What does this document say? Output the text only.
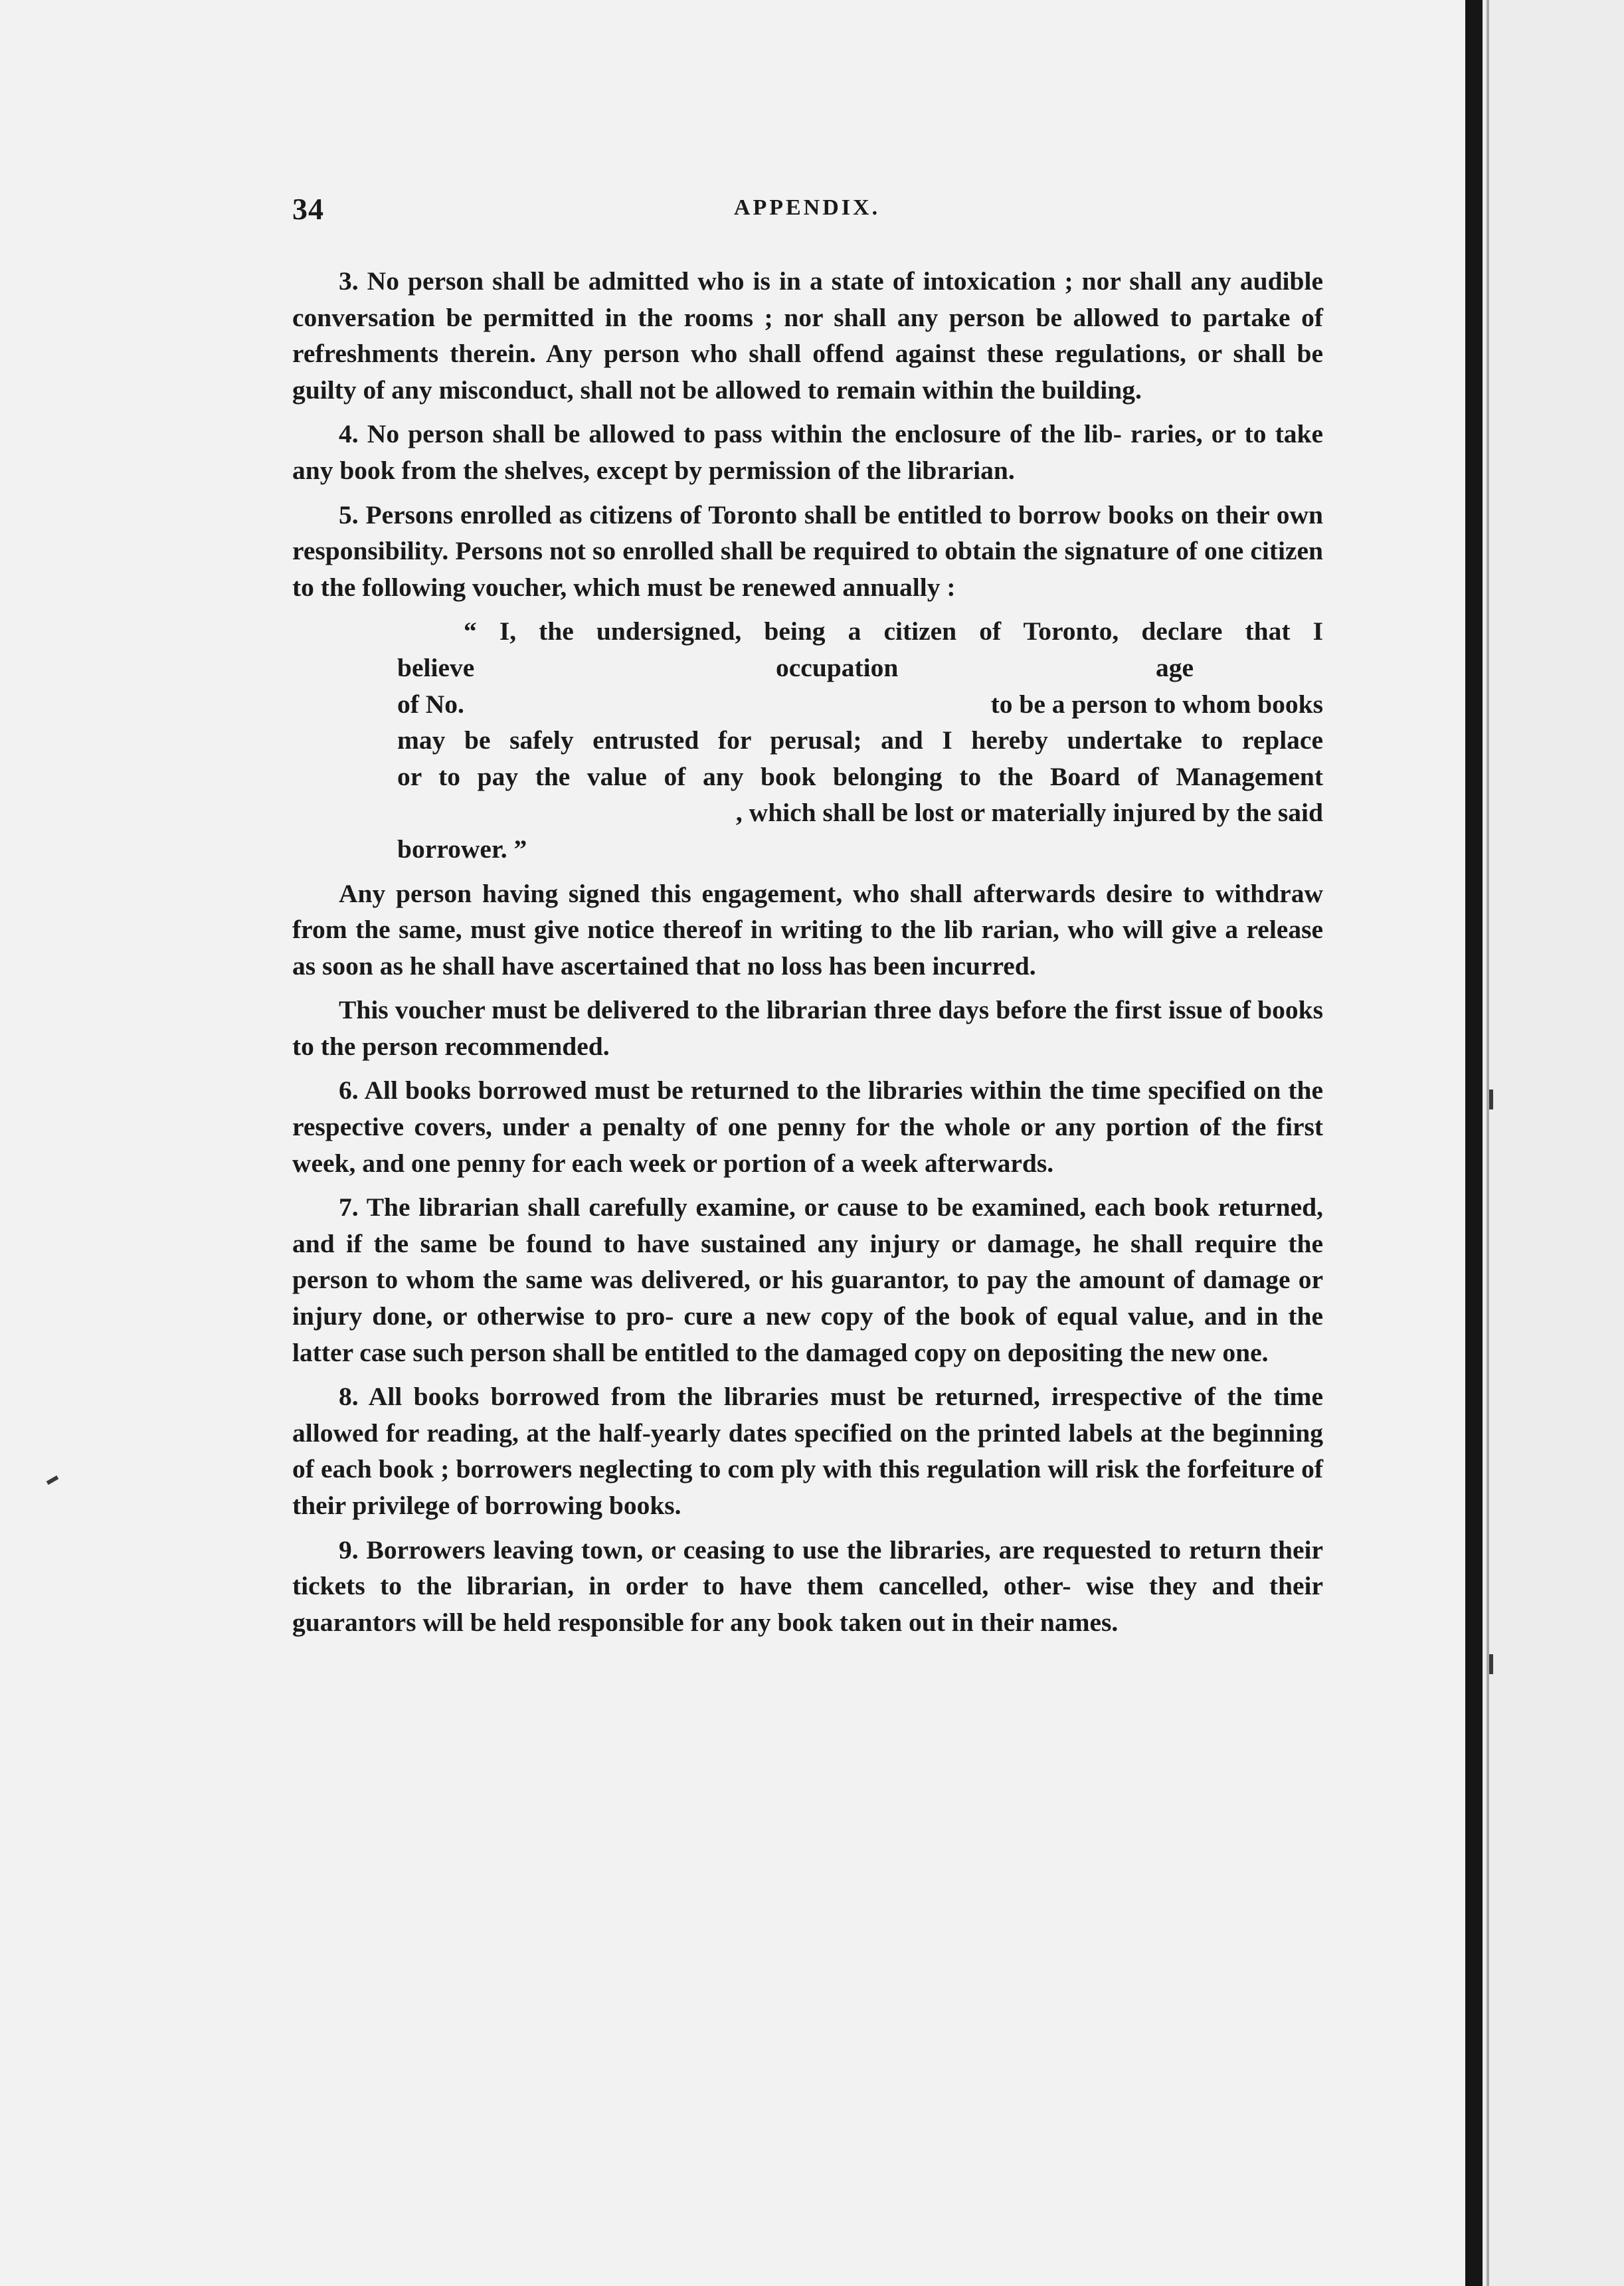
34	APPENDIX.

3. No person shall be admitted who is in a state of intoxication ; nor shall any audible conversation be permitted in the rooms ; nor shall any person be allowed to partake of refreshments therein. Any person who shall offend against these regulations, or shall be guilty of any misconduct, shall not be allowed to remain within the building.

4. No person shall be allowed to pass within the enclosure of the lib- raries, or to take any book from the shelves, except by permission of the librarian.

5. Persons enrolled as citizens of Toronto shall be entitled to borrow books on their own responsibility. Persons not so enrolled shall be required to obtain the signature of one citizen to the following voucher, which must be renewed annually :

“ I, the undersigned, being a citizen of Toronto, declare that I
believe	occupation	age
of No.	to be a person to whom books
may be safely entrusted for perusal; and I hereby undertake to replace
or to pay the value of any book belonging to the Board of Management
, which shall be lost or materially injured by the said
borrower. ”

Any person having signed this engagement, who shall afterwards desire to withdraw from the same, must give notice thereof in writing to the lib rarian, who will give a release as soon as he shall have ascertained that no loss has been incurred.

This voucher must be delivered to the librarian three days before the first issue of books to the person recommended.

6. All books borrowed must be returned to the libraries within the time specified on the respective covers, under a penalty of one penny for the whole or any portion of the first week, and one penny for each week or portion of a week afterwards.

7. The librarian shall carefully examine, or cause to be examined, each book returned, and if the same be found to have sustained any injury or damage, he shall require the person to whom the same was delivered, or his guarantor, to pay the amount of damage or injury done, or otherwise to pro- cure a new copy of the book of equal value, and in the latter case such person shall be entitled to the damaged copy on depositing the new one.

8. All books borrowed from the libraries must be returned, irrespective of the time allowed for reading, at the half-yearly dates specified on the printed labels at the beginning of each book ; borrowers neglecting to com ply with this regulation will risk the forfeiture of their privilege of borrowing books.

9. Borrowers leaving town, or ceasing to use the libraries, are requested to return their tickets to the librarian, in order to have them cancelled, other- wise they and their guarantors will be held responsible for any book taken out in their names.
